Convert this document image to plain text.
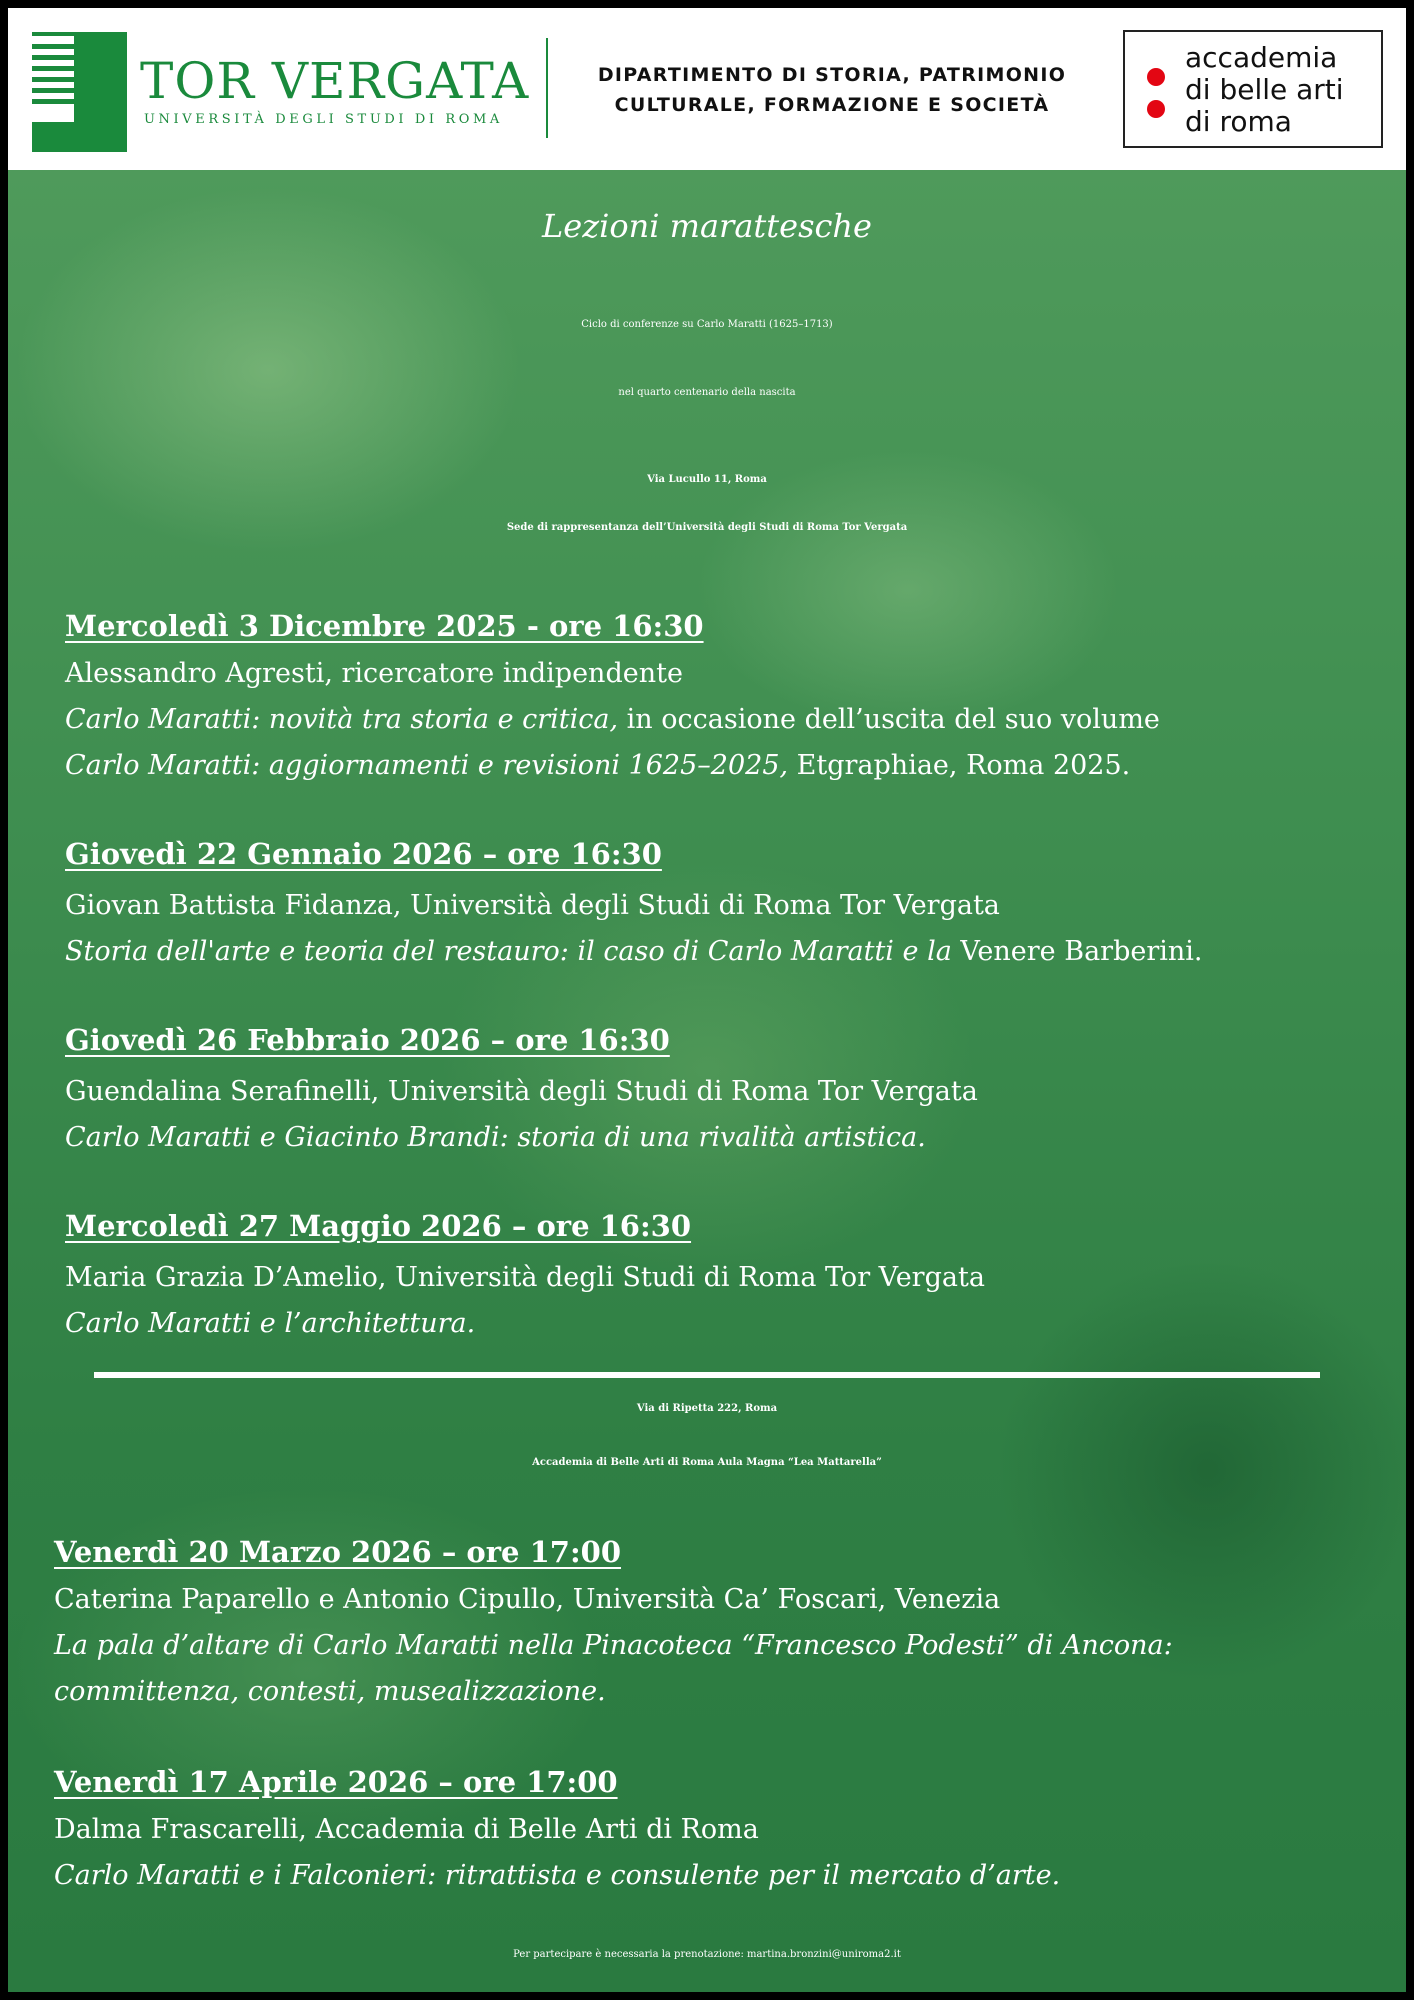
TOR VERGATA
UNIVERSITÀ DEGLI STUDI DI ROMA
DIPARTIMENTO DI STORIA, PATRIMONIO
CULTURALE, FORMAZIONE E SOCIETÀ
accademia
di belle arti
di roma
Lezioni marattesche
Ciclo di conferenze su Carlo Maratti (1625–1713)
nel quarto centenario della nascita
Via Lucullo 11, Roma
Sede di rappresentanza dell’Università degli Studi di Roma Tor Vergata
Mercoledì 3 Dicembre 2025 - ore 16:30
Alessandro Agresti, ricercatore indipendente
Carlo Maratti: novità tra storia e critica, in occasione dell’uscita del suo volume
Carlo Maratti: aggiornamenti e revisioni 1625–2025, Etgraphiae, Roma 2025.
Giovedì 22 Gennaio 2026 – ore 16:30
Giovan Battista Fidanza, Università degli Studi di Roma Tor Vergata
Storia dell'arte e teoria del restauro: il caso di Carlo Maratti e la Venere Barberini.
Giovedì 26 Febbraio 2026 – ore 16:30
Guendalina Serafinelli, Università degli Studi di Roma Tor Vergata
Carlo Maratti e Giacinto Brandi: storia di una rivalità artistica.
Mercoledì 27 Maggio 2026 – ore 16:30
Maria Grazia D’Amelio, Università degli Studi di Roma Tor Vergata
Carlo Maratti e l’architettura.
Via di Ripetta 222, Roma
Accademia di Belle Arti di Roma Aula Magna “Lea Mattarella”
Venerdì 20 Marzo 2026 – ore 17:00
Caterina Paparello e Antonio Cipullo, Università Ca’ Foscari, Venezia
La pala d’altare di Carlo Maratti nella Pinacoteca “Francesco Podesti” di Ancona:
committenza, contesti, musealizzazione.
Venerdì 17 Aprile 2026 – ore 17:00
Dalma Frascarelli, Accademia di Belle Arti di Roma
Carlo Maratti e i Falconieri: ritrattista e consulente per il mercato d’arte.
Per partecipare è necessaria la prenotazione: martina.bronzini@uniroma2.it
